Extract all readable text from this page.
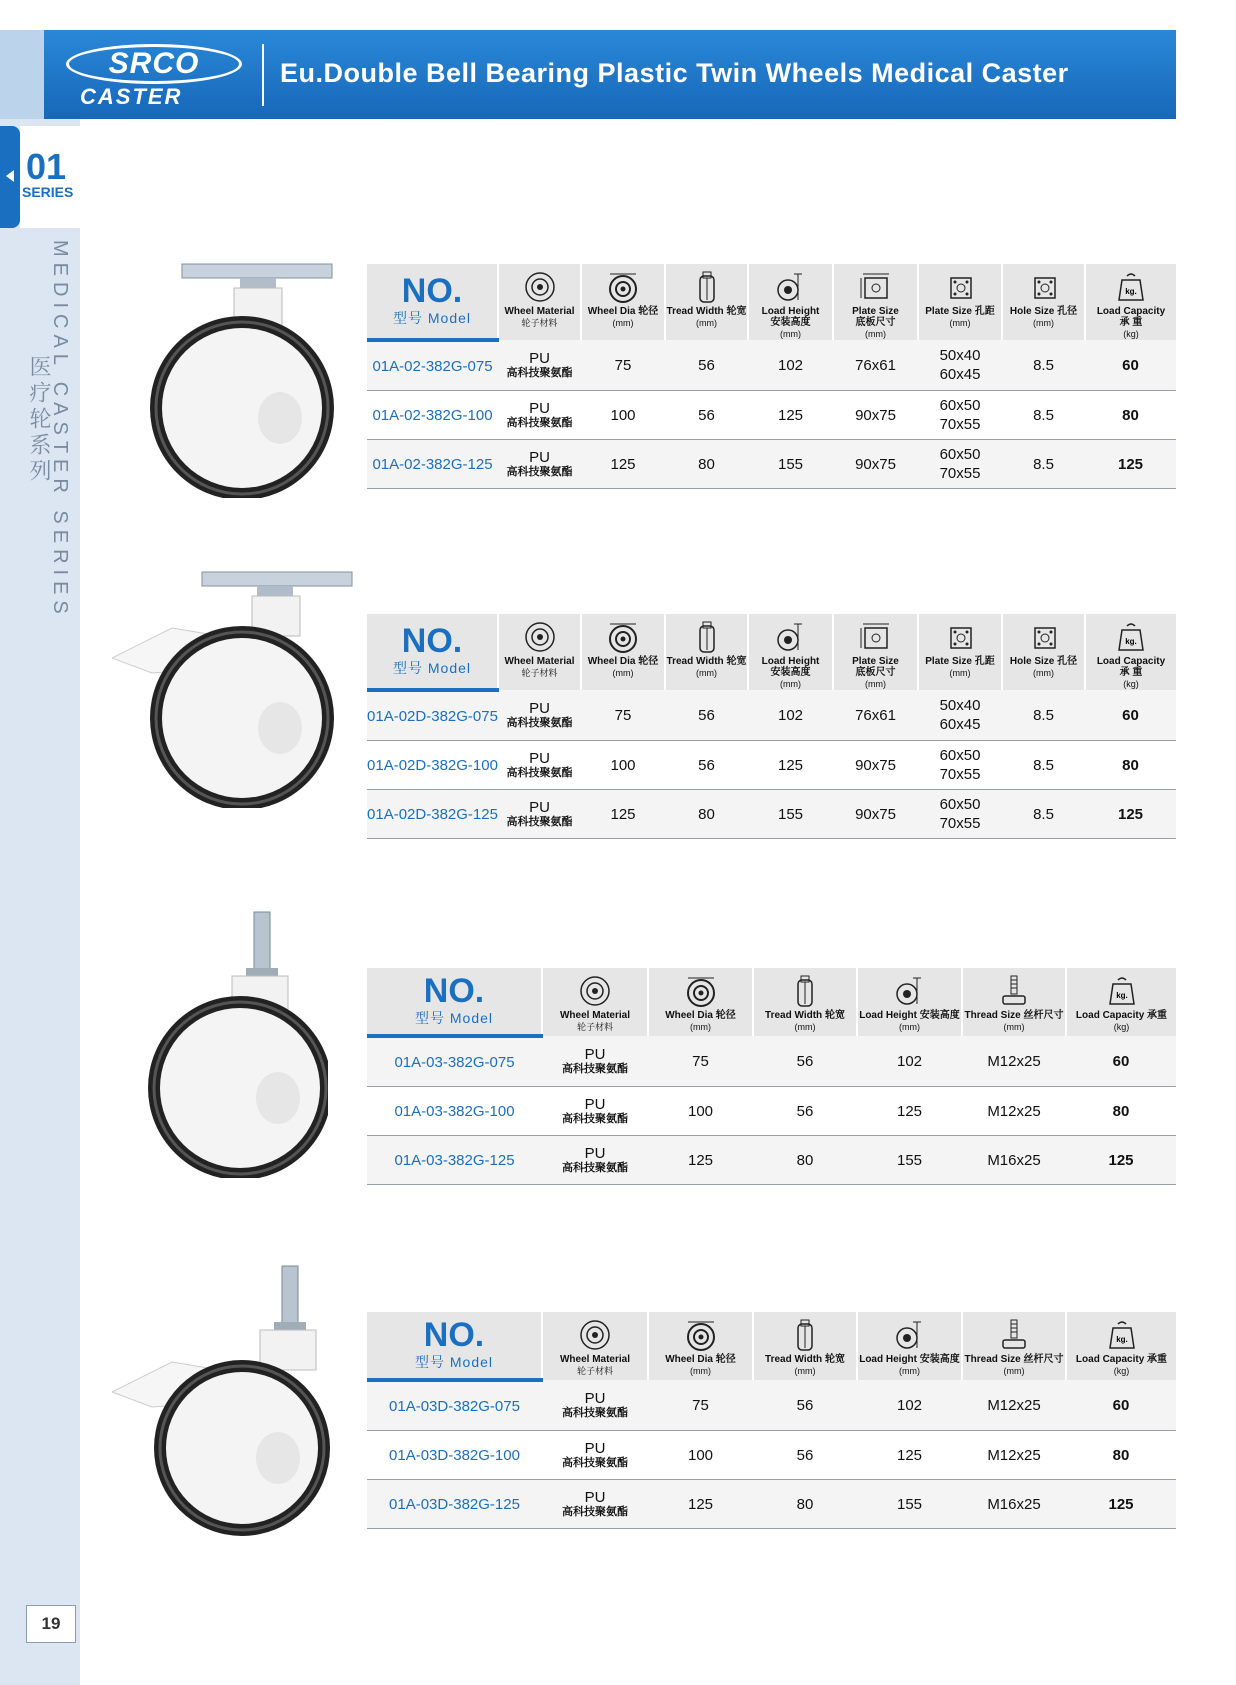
SRCO
CASTER
Eu.Double Bell Bearing Plastic Twin Wheels Medical Caster
01
SERIES
MEDICAL CASTER SERIES
医疗轮系列
19
NO.
型号 Model	Wheel Material
轮子材料	Wheel Dia 轮径
(mm)	Tread Width 轮宽
(mm)	Load Height
安装高度
(mm)	Plate Size
底板尺寸
(mm)	Plate Size 孔距
(mm)	Hole Size 孔径
(mm)	Load Capacity
承 重
(kg)

01A-02-382G-075	PU
高科技聚氨酯	75	56	102	76x61	50x40
60x45	8.5	60
01A-02-382G-100	PU
高科技聚氨酯	100	56	125	90x75	60x50
70x55	8.5	80
01A-02-382G-125	PU
高科技聚氨酯	125	80	155	90x75	60x50
70x55	8.5	125
NO.
型号 Model	Wheel Material
轮子材料	Wheel Dia 轮径
(mm)	Tread Width 轮宽
(mm)	Load Height
安装高度
(mm)	Plate Size
底板尺寸
(mm)	Plate Size 孔距
(mm)	Hole Size 孔径
(mm)	Load Capacity
承 重
(kg)

01A-02D-382G-075	PU
高科技聚氨酯	75	56	102	76x61	50x40
60x45	8.5	60
01A-02D-382G-100	PU
高科技聚氨酯	100	56	125	90x75	60x50
70x55	8.5	80
01A-02D-382G-125	PU
高科技聚氨酯	125	80	155	90x75	60x50
70x55	8.5	125
NO.
型号 Model	Wheel Material
轮子材料	Wheel Dia 轮径
(mm)	Tread Width 轮宽
(mm)	Load Height 安装高度
(mm)	Thread Size 丝杆尺寸
(mm)	Load Capacity 承重
(kg)

01A-03-382G-075	PU
高科技聚氨酯	75	56	102	M12x25	60
01A-03-382G-100	PU
高科技聚氨酯	100	56	125	M12x25	80
01A-03-382G-125	PU
高科技聚氨酯	125	80	155	M16x25	125
NO.
型号 Model	Wheel Material
轮子材料	Wheel Dia 轮径
(mm)	Tread Width 轮宽
(mm)	Load Height 安装高度
(mm)	Thread Size 丝杆尺寸
(mm)	Load Capacity 承重
(kg)

01A-03D-382G-075	PU
高科技聚氨酯	75	56	102	M12x25	60
01A-03D-382G-100	PU
高科技聚氨酯	100	56	125	M12x25	80
01A-03D-382G-125	PU
高科技聚氨酯	125	80	155	M16x25	125
